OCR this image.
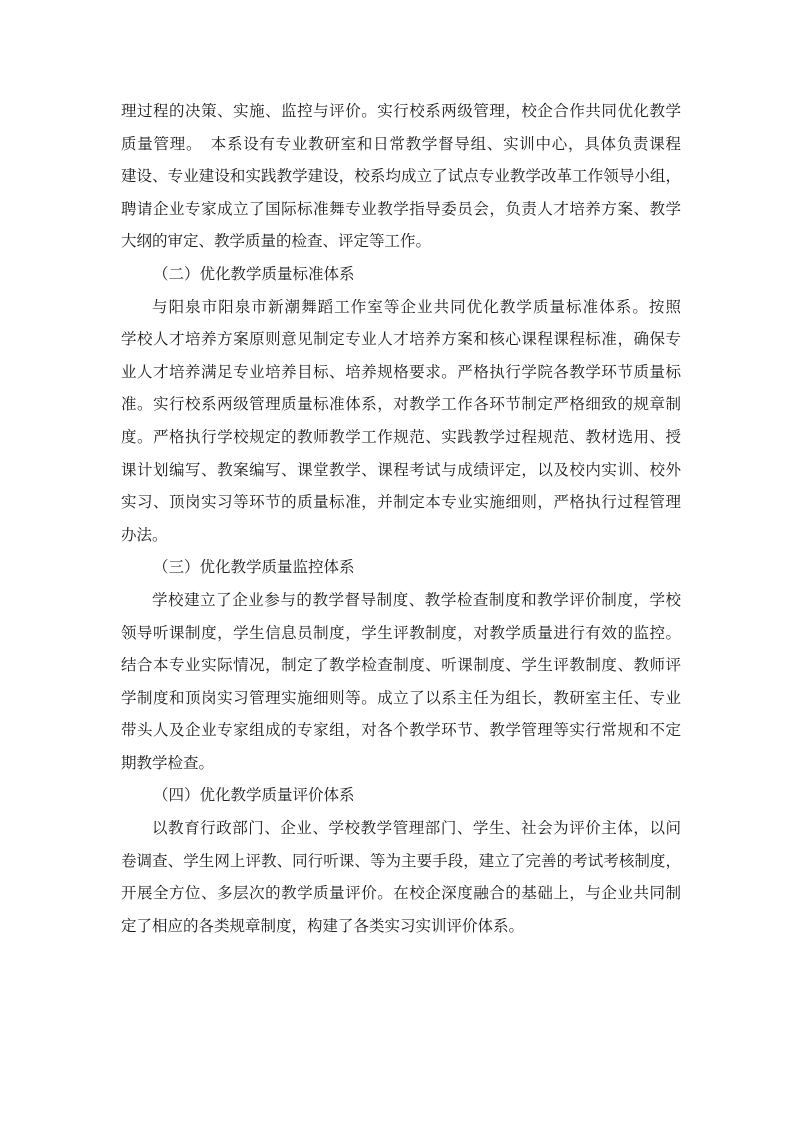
理过程的决策、实施、监控与评价。实行校系两级管理，校企合作共同优化教学
质量管理。　本系设有专业教研室和日常教学督导组、实训中心，具体负责课程
建设、专业建设和实践教学建设，校系均成立了试点专业教学改革工作领导小组，
聘请企业专家成立了国际标准舞专业教学指导委员会，负责人才培养方案、教学
大纲的审定、教学质量的检查、评定等工作。
（二）优化教学质量标准体系
与阳泉市阳泉市新潮舞蹈工作室等企业共同优化教学质量标准体系。按照
学校人才培养方案原则意见制定专业人才培养方案和核心课程课程标准，确保专
业人才培养满足专业培养目标、培养规格要求。严格执行学院各教学环节质量标
准。实行校系两级管理质量标准体系，对教学工作各环节制定严格细致的规章制
度。严格执行学校规定的教师教学工作规范、实践教学过程规范、教材选用、授
课计划编写、教案编写、课堂教学、课程考试与成绩评定，以及校内实训、校外
实习、顶岗实习等环节的质量标准，并制定本专业实施细则，严格执行过程管理
办法。
（三）优化教学质量监控体系
学校建立了企业参与的教学督导制度、教学检查制度和教学评价制度，学校
领导听课制度，学生信息员制度，学生评教制度，对教学质量进行有效的监控。
结合本专业实际情况，制定了教学检查制度、听课制度、学生评教制度、教师评
学制度和顶岗实习管理实施细则等。成立了以系主任为组长，教研室主任、专业
带头人及企业专家组成的专家组，对各个教学环节、教学管理等实行常规和不定
期教学检查。
（四）优化教学质量评价体系
以教育行政部门、企业、学校教学管理部门、学生、社会为评价主体，以问
卷调查、学生网上评教、同行听课、等为主要手段，建立了完善的考试考核制度，
开展全方位、多层次的教学质量评价。在校企深度融合的基础上，与企业共同制
定了相应的各类规章制度，构建了各类实习实训评价体系。
